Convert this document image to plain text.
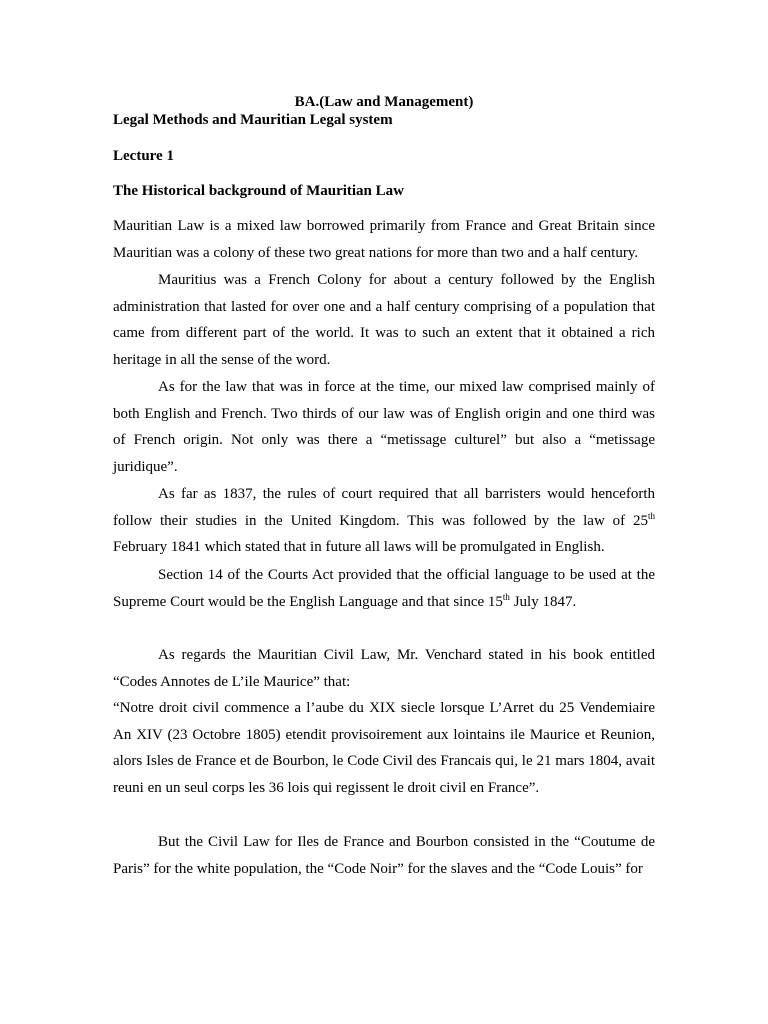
BA.(Law and Management)
Legal Methods and Mauritian Legal system
Lecture 1
The Historical background of Mauritian Law

Mauritian Law is a mixed law borrowed primarily from France and Great Britain since Mauritian was a colony of these two great nations for more than two and a half century.

Mauritius was a French Colony for about a century followed by the English administration that lasted for over one and a half century comprising of a population that came from different part of the world. It was to such an extent that it obtained a rich heritage in all the sense of the word.

As for the law that was in force at the time, our mixed law comprised mainly of both English and French. Two thirds of our law was of English origin and one third was of French origin. Not only was there a “metissage culturel” but also a “metissage juridique”.

As far as 1837, the rules of court required that all barristers would henceforth follow their studies in the United Kingdom. This was followed by the law of 25th February 1841 which stated that in future all laws will be promulgated in English.

Section 14 of the Courts Act provided that the official language to be used at the Supreme Court would be the English Language and that since 15th July 1847.

As regards the Mauritian Civil Law, Mr. Venchard stated in his book entitled “Codes Annotes de L’ile Maurice” that:

“Notre droit civil commence a l’aube du XIX siecle lorsque L’Arret du 25 Vendemiaire An XIV (23 Octobre 1805) etendit provisoirement aux lointains ile Maurice et Reunion, alors Isles de France et de Bourbon, le Code Civil des Francais qui, le 21 mars 1804, avait reuni en un seul corps les 36 lois qui regissent le droit civil en France”.

But the Civil Law for Iles de France and Bourbon consisted in the “Coutume de Paris” for the white population, the “Code Noir” for the slaves and the “Code Louis” for
